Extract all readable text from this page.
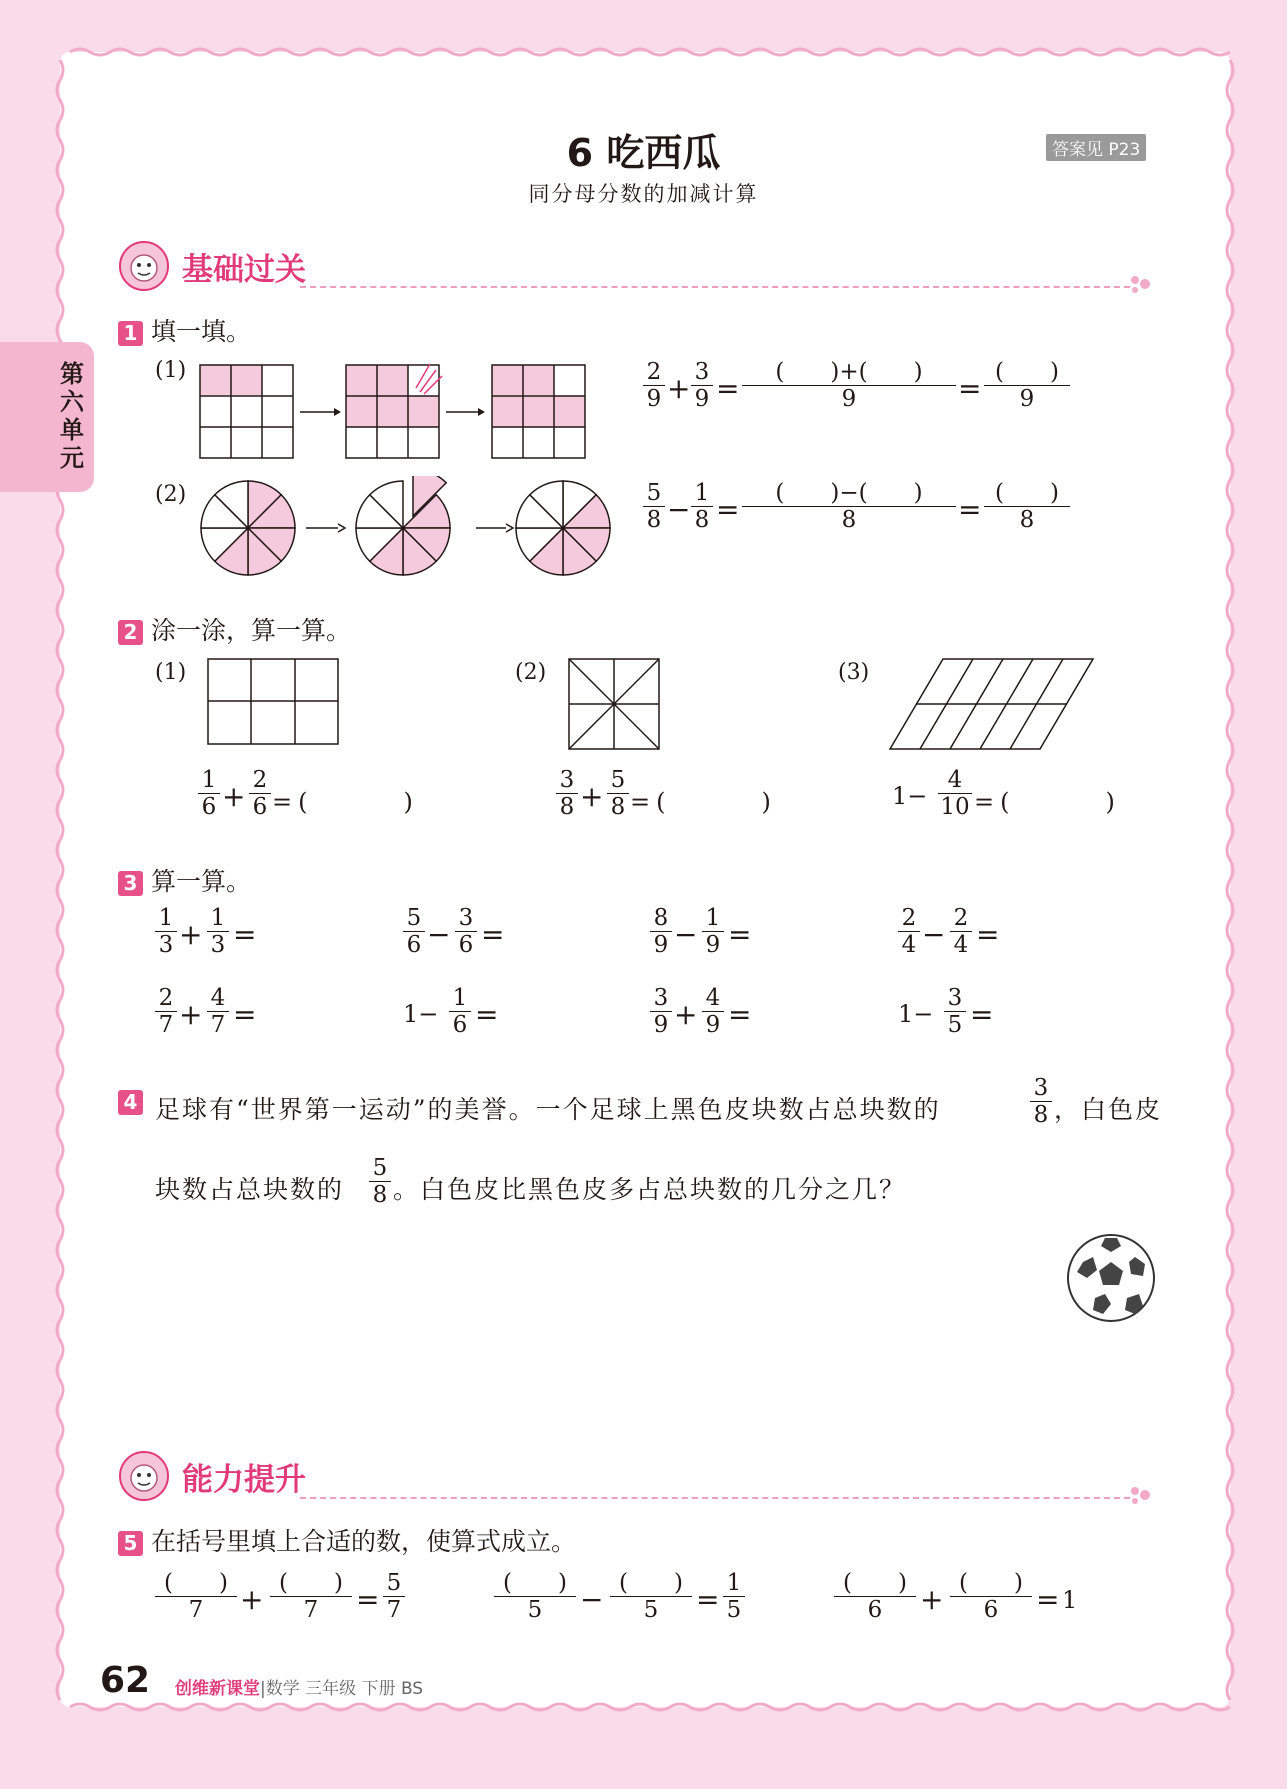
6 吃西瓜
同分母分数的加减计算
答案见 P23
第六单元
基础过关
1 填一填。
(1)	$\frac{2}{9} + \frac{3}{9}$ =	(　　)+(　　)
9	= (　　)
9
(2)	$\frac{5}{8} - \frac{1}{8}$ =	(　　)−(　　)
8	= (　　)
8
2 涂一涂，算一算。
(1)	(2)	(3)
$\frac{1}{6} + \frac{2}{6}$ =(　　　)	$\frac{3}{8} + \frac{5}{8}$ =(　　　)	$1- \frac{4}{10}$ =(　　　)
3 算一算。
$\frac{1}{3} + \frac{1}{3}$ =	$\frac{5}{6} - \frac{3}{6}$ =	$\frac{8}{9} - \frac{1}{9}$ =	$\frac{2}{4} - \frac{2}{4}$ =
$\frac{2}{7} + \frac{4}{7}$ =	$1- \frac{1}{6}$ =	$\frac{3}{9} + \frac{4}{9}$ =	$1- \frac{3}{5}$ =
4 足球有“世界第一运动”的美誉。一个足球上黑色皮块数占总块数的	$\frac{3}{8}$ ，白色皮
块数占总块数的 $\frac{5}{8}$ 。白色皮比黑色皮多占总块数的几分之几？
能力提升
5 在括号里填上合适的数，使算式成立。
(　　)
7	+ (　　)
7	= $\frac{5}{7}$	(　　)
5	− (　　)
5	= $\frac{1}{5}$	(　　)
6	+ (　　)
6	= 1
62 创维新课堂|数学 三年级 下册 BS
